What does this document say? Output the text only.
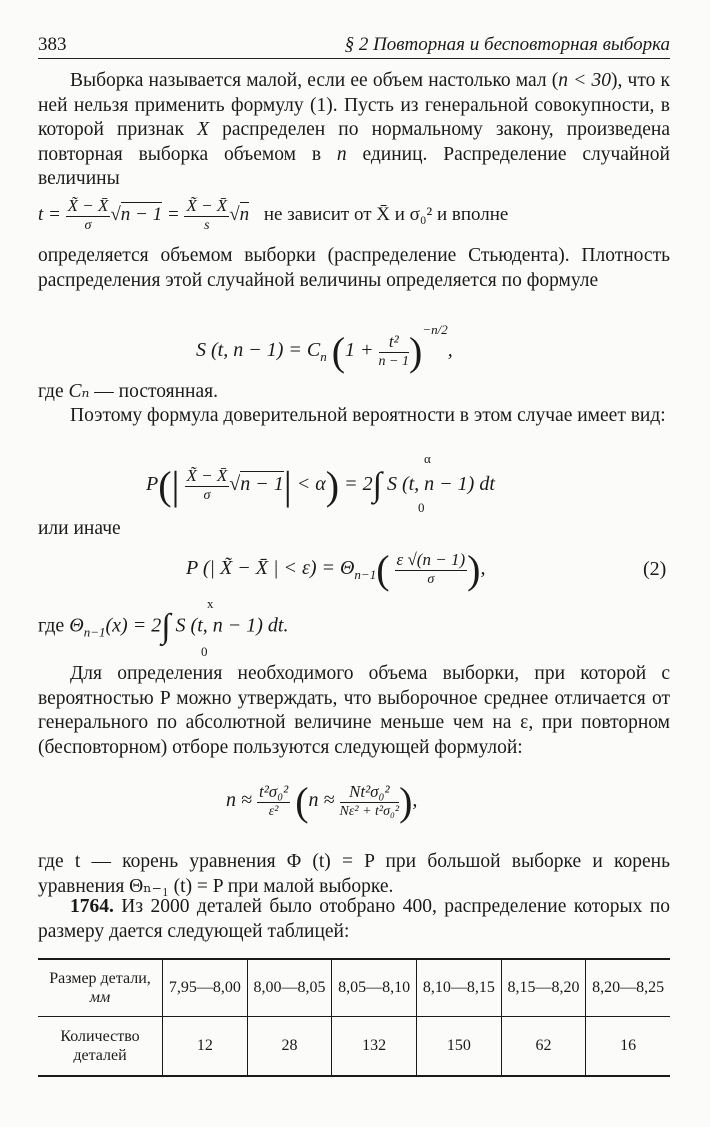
383	§ 2 Повторная и бесповторная выборка
Выборка называется малой, если ее объем настолько мал (n < 30), что к ней нельзя применить формулу (1). Пусть из генеральной совокупности, в которой признак X распределен по нормальному закону, произведена повторная выборка объемом в n единиц. Распределение случайной величины
$t = \frac{X̃ - X̄}{\sigma} √n - 1 = \frac{X̃ - X̄}{s} √n$ не зависит от X̄ и σ₀² и вполне
определяется объемом выборки (распределение Стьюдента). Плотность распределения этой случайной величины определяется по формуле
S (t, $n - 1) = C_n$ $(1 + \frac{\text{t²}}{n - 1} )^{-n/2}$,
где Cₙ — постоянная.
Поэтому формула доверительной вероятности в этом случае имеет вид:
$P(| \frac{X̃ - X̄}{\sigma} √n - 1| < \alpha) = 2\int$ S (t, n − 1) dt
α
0
или иначе
P (| X̃ − X̄ | < $\varepsilon) = \Theta_{n-1}( \frac{\varepsilon √(n - 1)}{\sigma}$ ),	(2)
где $\Theta_{n-1}(x) = 2\int$ S (t, n − 1) dt.
x
0
Для определения необходимого объема выборки, при которой с вероятностью P можно утверждать, что выборочное среднее отличается от генерального по абсолютной величине меньше чем на ε, при повторном (бесповторном) отборе пользуются следующей формулой:
$n \approx \frac{\text{t²σ₀²}}{\text{ε²}} (n \approx \frac{\text{Nt²σ₀²}}{\text{Nε² + t²σ₀²}}$ ),
где t — корень уравнения Φ (t) = P при большой выборке и корень уравнения Θₙ₋₁ (t) = P при малой выборке.
1764. Из 2000 деталей было отобрано 400, распределение которых по размеру дается следующей таблицей:
Размер детали, мм	7,95—8,00	8,00—8,05	8,05—8,10	8,10—8,15	8,15—8,20	8,20—8,25
Количество деталей	12	28	132	150	62	16
